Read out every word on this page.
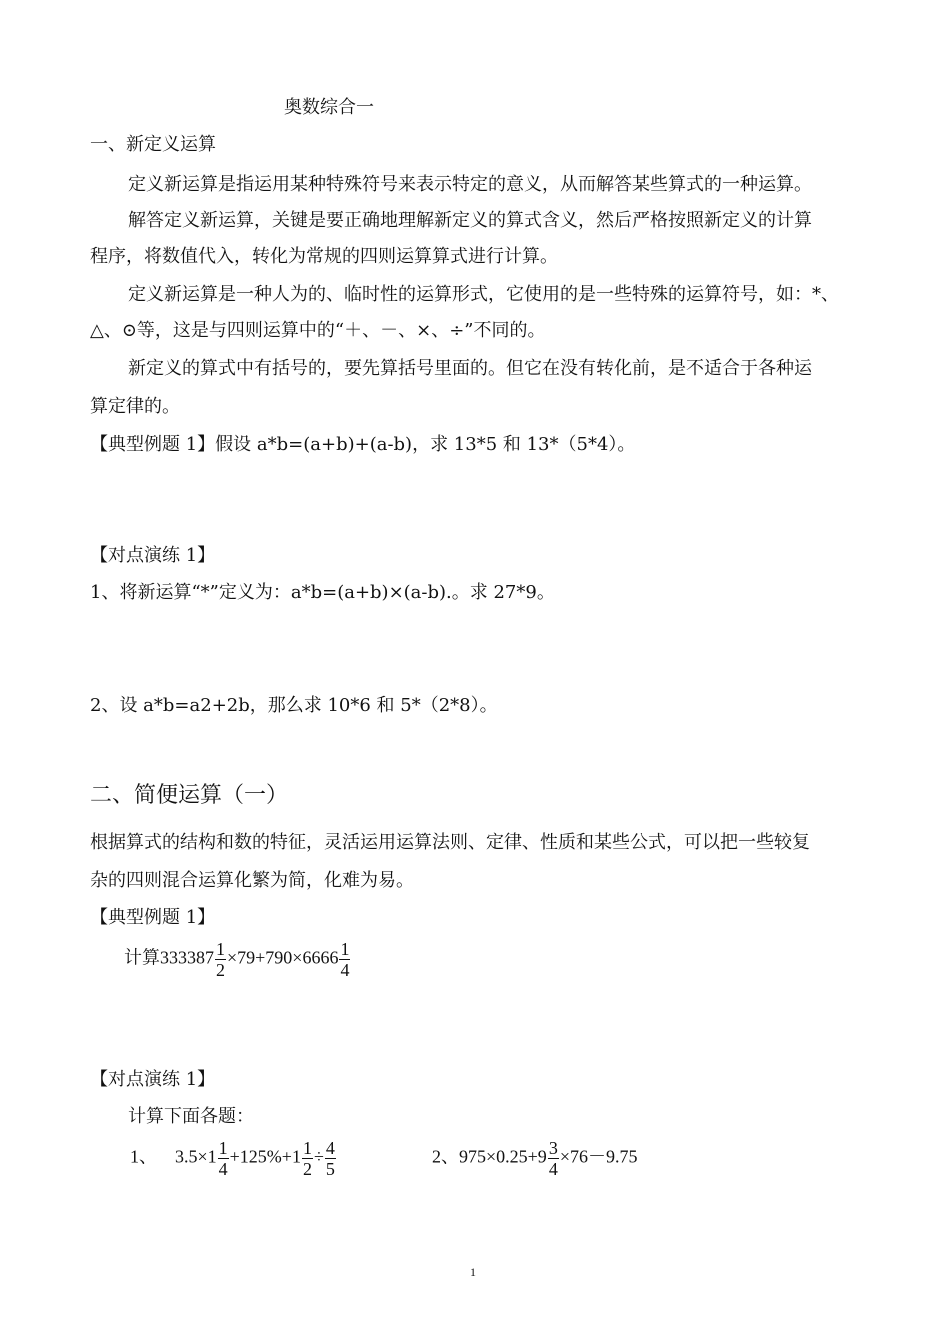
奥数综合一
一、新定义运算
定义新运算是指运用某种特殊符号来表示特定的意义，从而解答某些算式的一种运算。
解答定义新运算，关键是要正确地理解新定义的算式含义，然后严格按照新定义的计算
程序，将数值代入，转化为常规的四则运算算式进行计算。
定义新运算是一种人为的、临时性的运算形式，它使用的是一些特殊的运算符号，如：*、
△、⊙等，这是与四则运算中的“＋、－、×、÷”不同的。
新定义的算式中有括号的，要先算括号里面的。但它在没有转化前，是不适合于各种运
算定律的。
【典型例题 1】假设 a*b=(a+b)+(a-b)，求 13*5 和 13*（5*4）。
【对点演练 1】
1、将新运算“*”定义为：a*b=(a+b)×(a-b).。求 27*9。
2、设 a*b=a2+2b，那么求 10*6 和 5*（2*8）。
二、简便运算（一）
根据算式的结构和数的特征，灵活运用运算法则、定律、性质和某些公式，可以把一些较复
杂的四则混合运算化繁为简，化难为易。
【典型例题 1】
计算$333387 \frac{1}{2} \times 79+790\times 6666 \frac{1}{4}$
【对点演练 1】
计算下面各题：
1、 $3.5\times 1 \frac{1}{4} +125\%+1 \frac{1}{2} \div \frac{4}{5}$	2、$975\times 0.25+9 \frac{3}{4} \times 76-9.75$
1
